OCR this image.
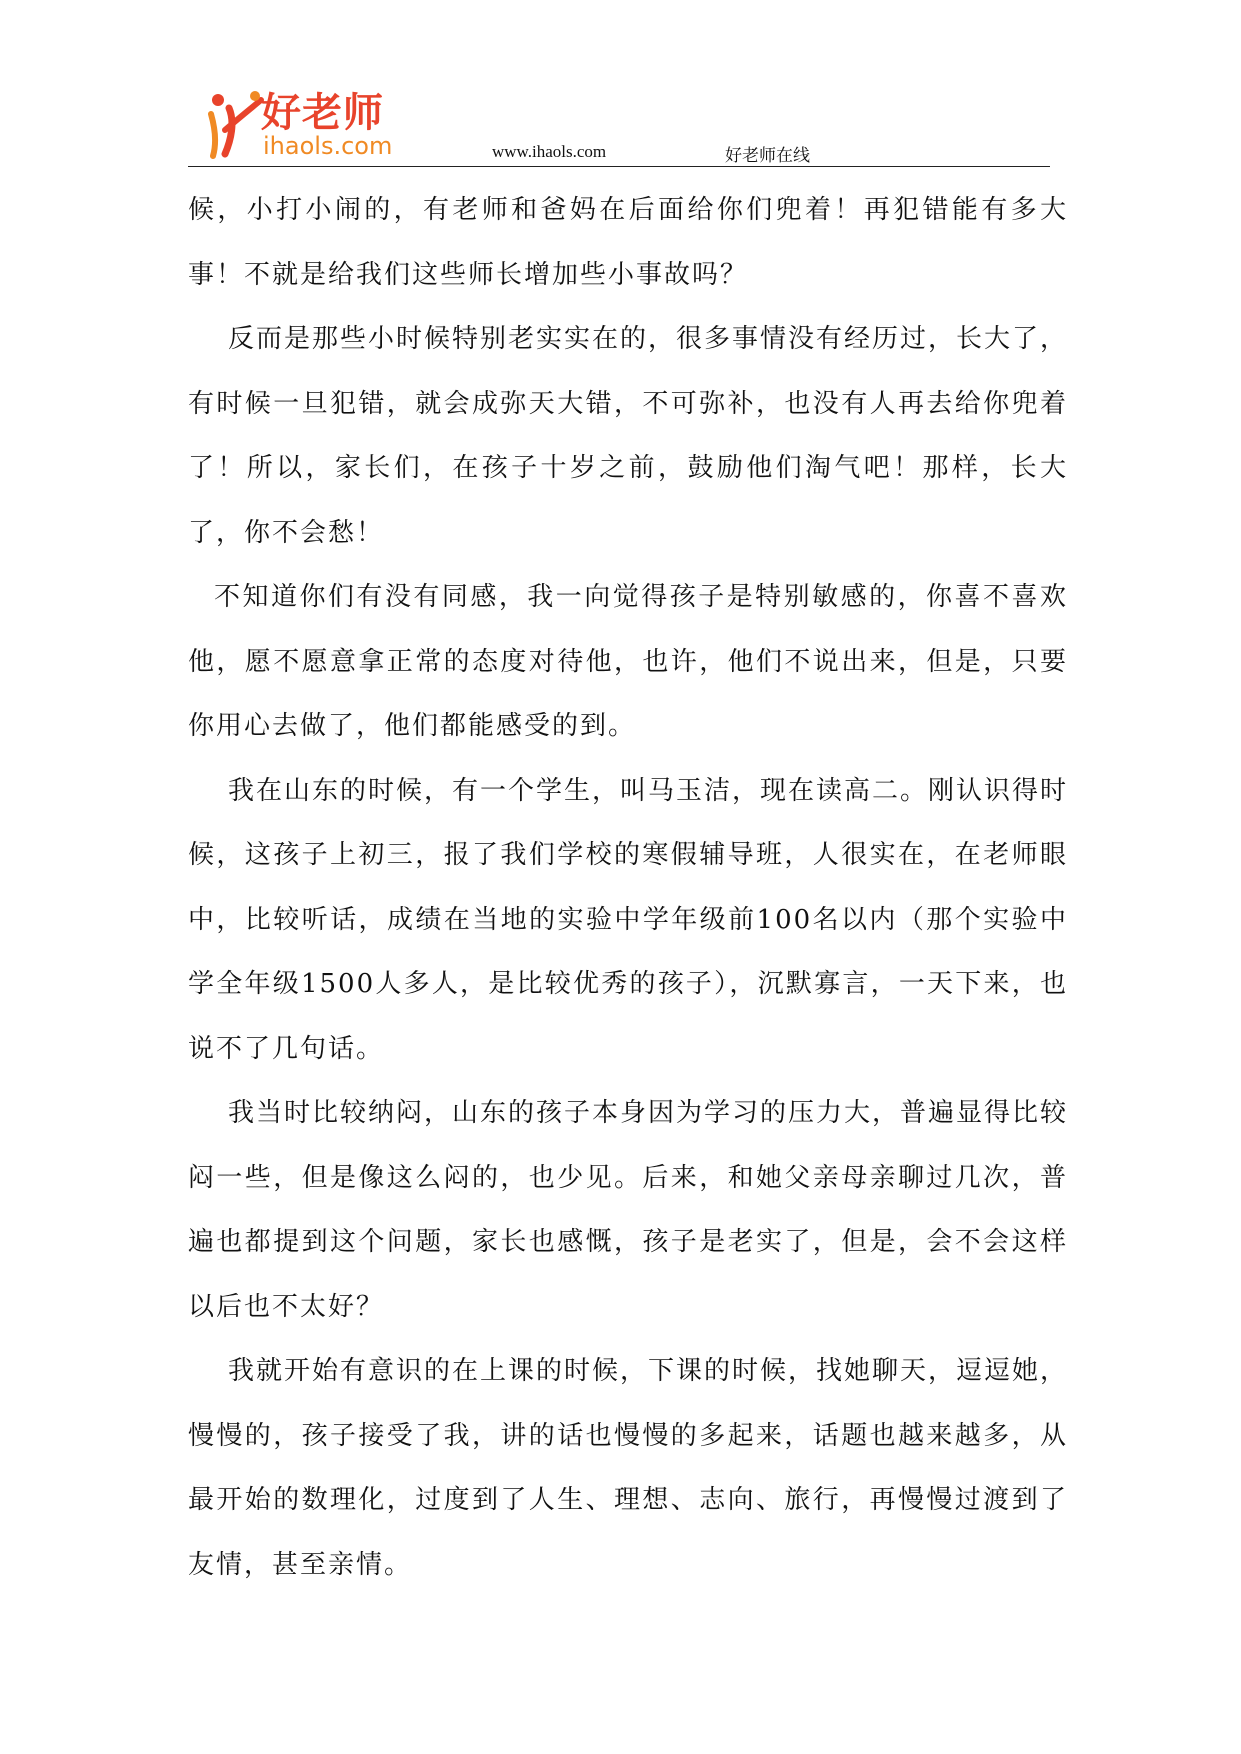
好老师
ihaols.com	www.ihaols.com	好老师在线

候，小打小闹的，有老师和爸妈在后面给你们兜着！再犯错能有多大事！不就是给我们这些师长增加些小事故吗？

反而是那些小时候特别老实实在的，很多事情没有经历过，长大了，有时候一旦犯错，就会成弥天大错，不可弥补，也没有人再去给你兜着了！所以，家长们，在孩子十岁之前，鼓励他们淘气吧！那样，长大了，你不会愁！

不知道你们有没有同感，我一向觉得孩子是特别敏感的，你喜不喜欢他，愿不愿意拿正常的态度对待他，也许，他们不说出来，但是，只要你用心去做了，他们都能感受的到。

我在山东的时候，有一个学生，叫马玉洁，现在读高二。刚认识得时候，这孩子上初三，报了我们学校的寒假辅导班，人很实在，在老师眼中，比较听话，成绩在当地的实验中学年级前100名以内（那个实验中学全年级1500人多人，是比较优秀的孩子），沉默寡言，一天下来，也说不了几句话。

我当时比较纳闷，山东的孩子本身因为学习的压力大，普遍显得比较闷一些，但是像这么闷的，也少见。后来，和她父亲母亲聊过几次，普遍也都提到这个问题，家长也感慨，孩子是老实了，但是，会不会这样以后也不太好？

我就开始有意识的在上课的时候，下课的时候，找她聊天，逗逗她，慢慢的，孩子接受了我，讲的话也慢慢的多起来，话题也越来越多，从最开始的数理化，过度到了人生、理想、志向、旅行，再慢慢过渡到了友情，甚至亲情。
